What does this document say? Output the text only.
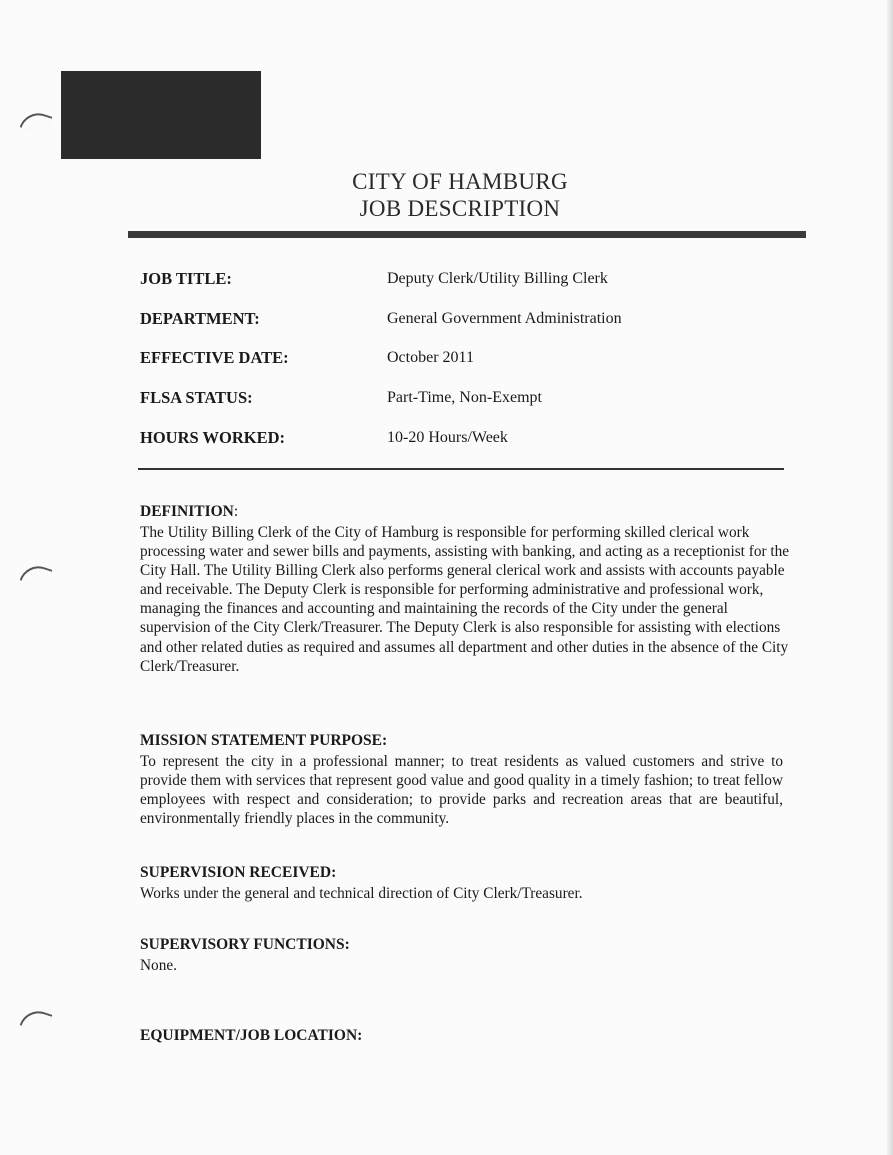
CITY OF HAMBURG
JOB DESCRIPTION
JOB TITLE:	Deputy Clerk/Utility Billing Clerk
DEPARTMENT:	General Government Administration
EFFECTIVE DATE:	October 2011
FLSA STATUS:	Part-Time, Non-Exempt
HOURS WORKED:	10-20 Hours/Week
DEFINITION:

The Utility Billing Clerk of the City of Hamburg is responsible for performing skilled clerical work processing water and sewer bills and payments, assisting with banking, and acting as a receptionist for the City Hall. The Utility Billing Clerk also performs general clerical work and assists with accounts payable and receivable. The Deputy Clerk is responsible for performing administrative and professional work, managing the finances and accounting and maintaining the records of the City under the general supervision of the City Clerk/Treasurer. The Deputy Clerk is also responsible for assisting with elections and other related duties as required and assumes all department and other duties in the absence of the City Clerk/Treasurer.

MISSION STATEMENT PURPOSE:

To represent the city in a professional manner; to treat residents as valued customers and strive to provide them with services that represent good value and good quality in a timely fashion; to treat fellow employees with respect and consideration; to provide parks and recreation areas that are beautiful, environmentally friendly places in the community.

SUPERVISION RECEIVED:

Works under the general and technical direction of City Clerk/Treasurer.

SUPERVISORY FUNCTIONS:

None.

EQUIPMENT/JOB LOCATION:
